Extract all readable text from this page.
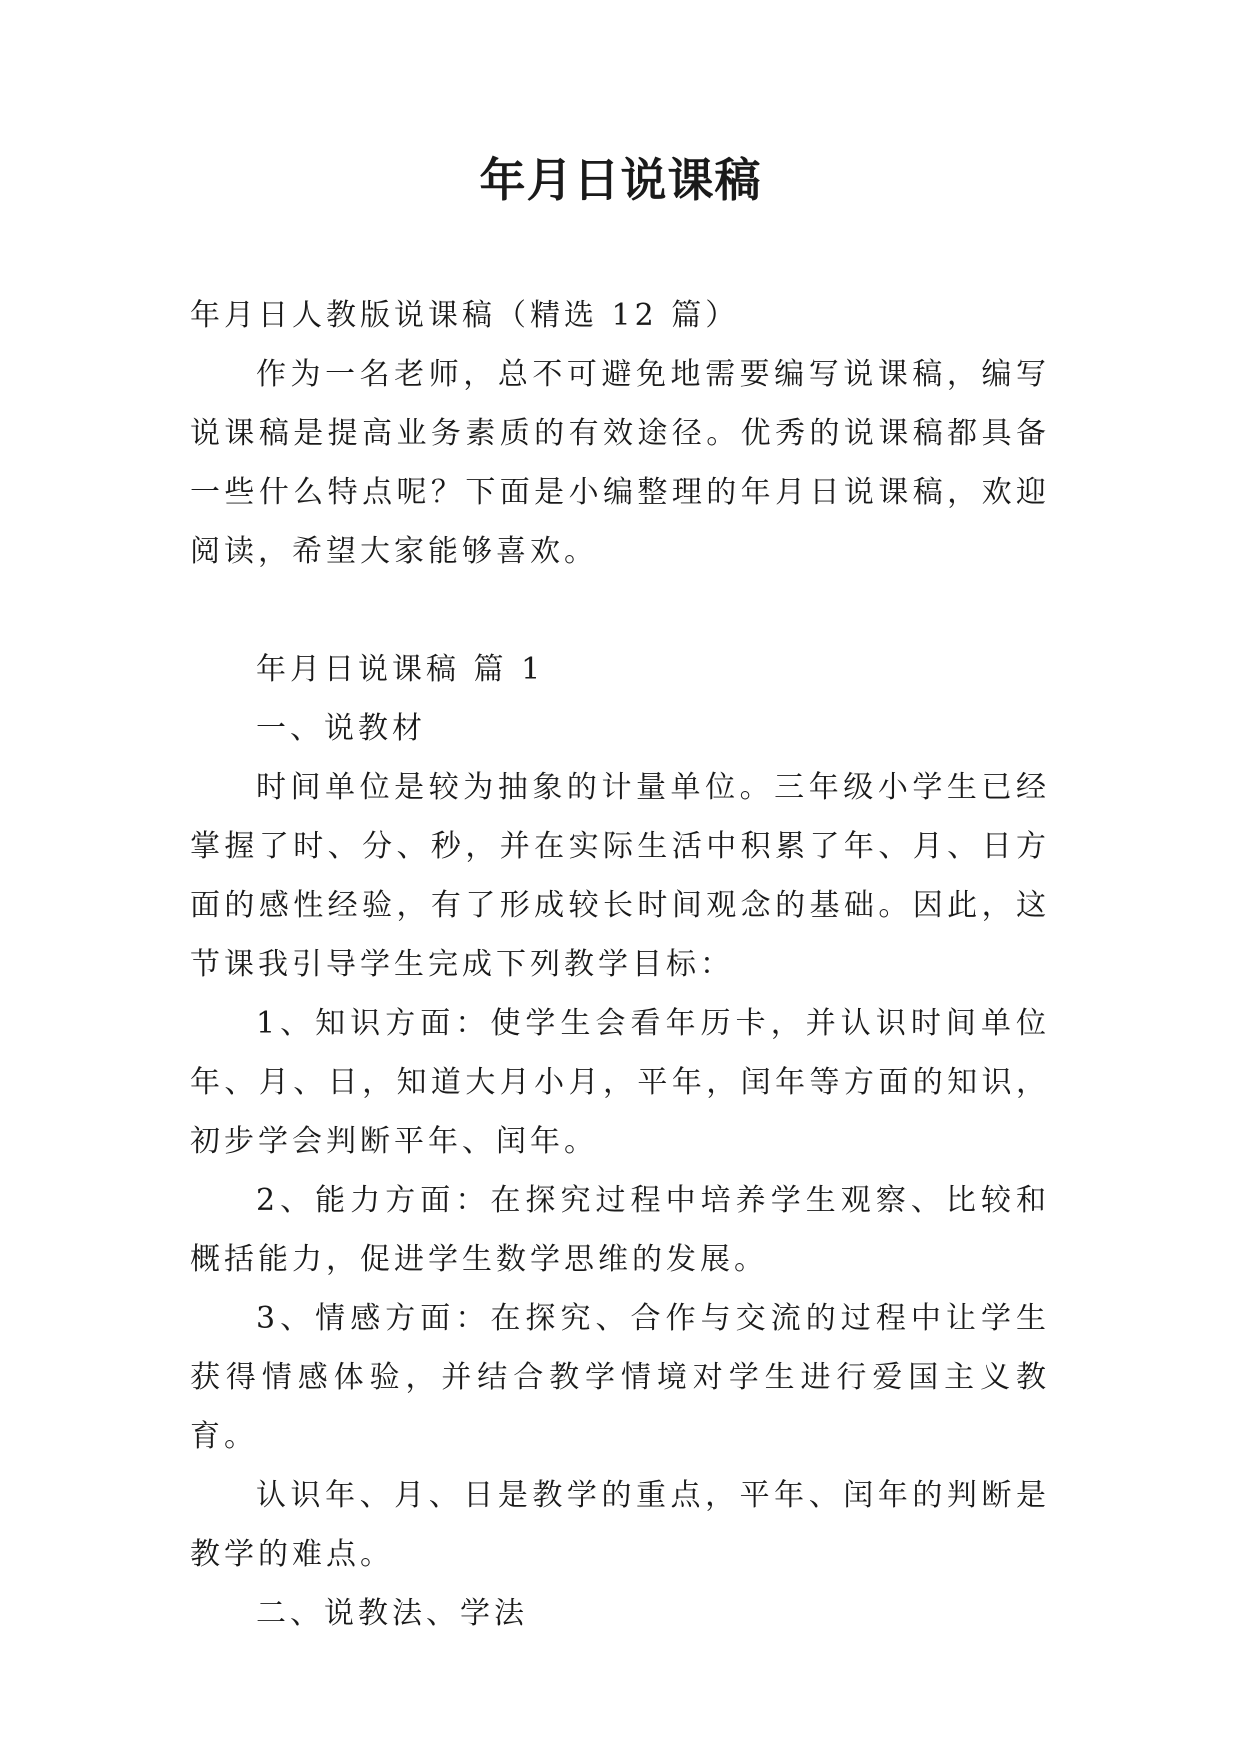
年月日说课稿

年月日人教版说课稿（精选 12 篇）

作为一名老师，总不可避免地需要编写说课稿，编写说课稿是提高业务素质的有效途径。优秀的说课稿都具备一些什么特点呢？下面是小编整理的年月日说课稿，欢迎阅读，希望大家能够喜欢。

年月日说课稿 篇 1

一、说教材

时间单位是较为抽象的计量单位。三年级小学生已经掌握了时、分、秒，并在实际生活中积累了年、月、日方面的感性经验，有了形成较长时间观念的基础。因此，这节课我引导学生完成下列教学目标：

1、知识方面：使学生会看年历卡，并认识时间单位年、月、日，知道大月小月，平年，闰年等方面的知识，初步学会判断平年、闰年。

2、能力方面：在探究过程中培养学生观察、比较和概括能力，促进学生数学思维的发展。

3、情感方面：在探究、合作与交流的过程中让学生获得情感体验，并结合教学情境对学生进行爱国主义教育。

认识年、月、日是教学的重点，平年、闰年的判断是教学的难点。

二、说教法、学法
